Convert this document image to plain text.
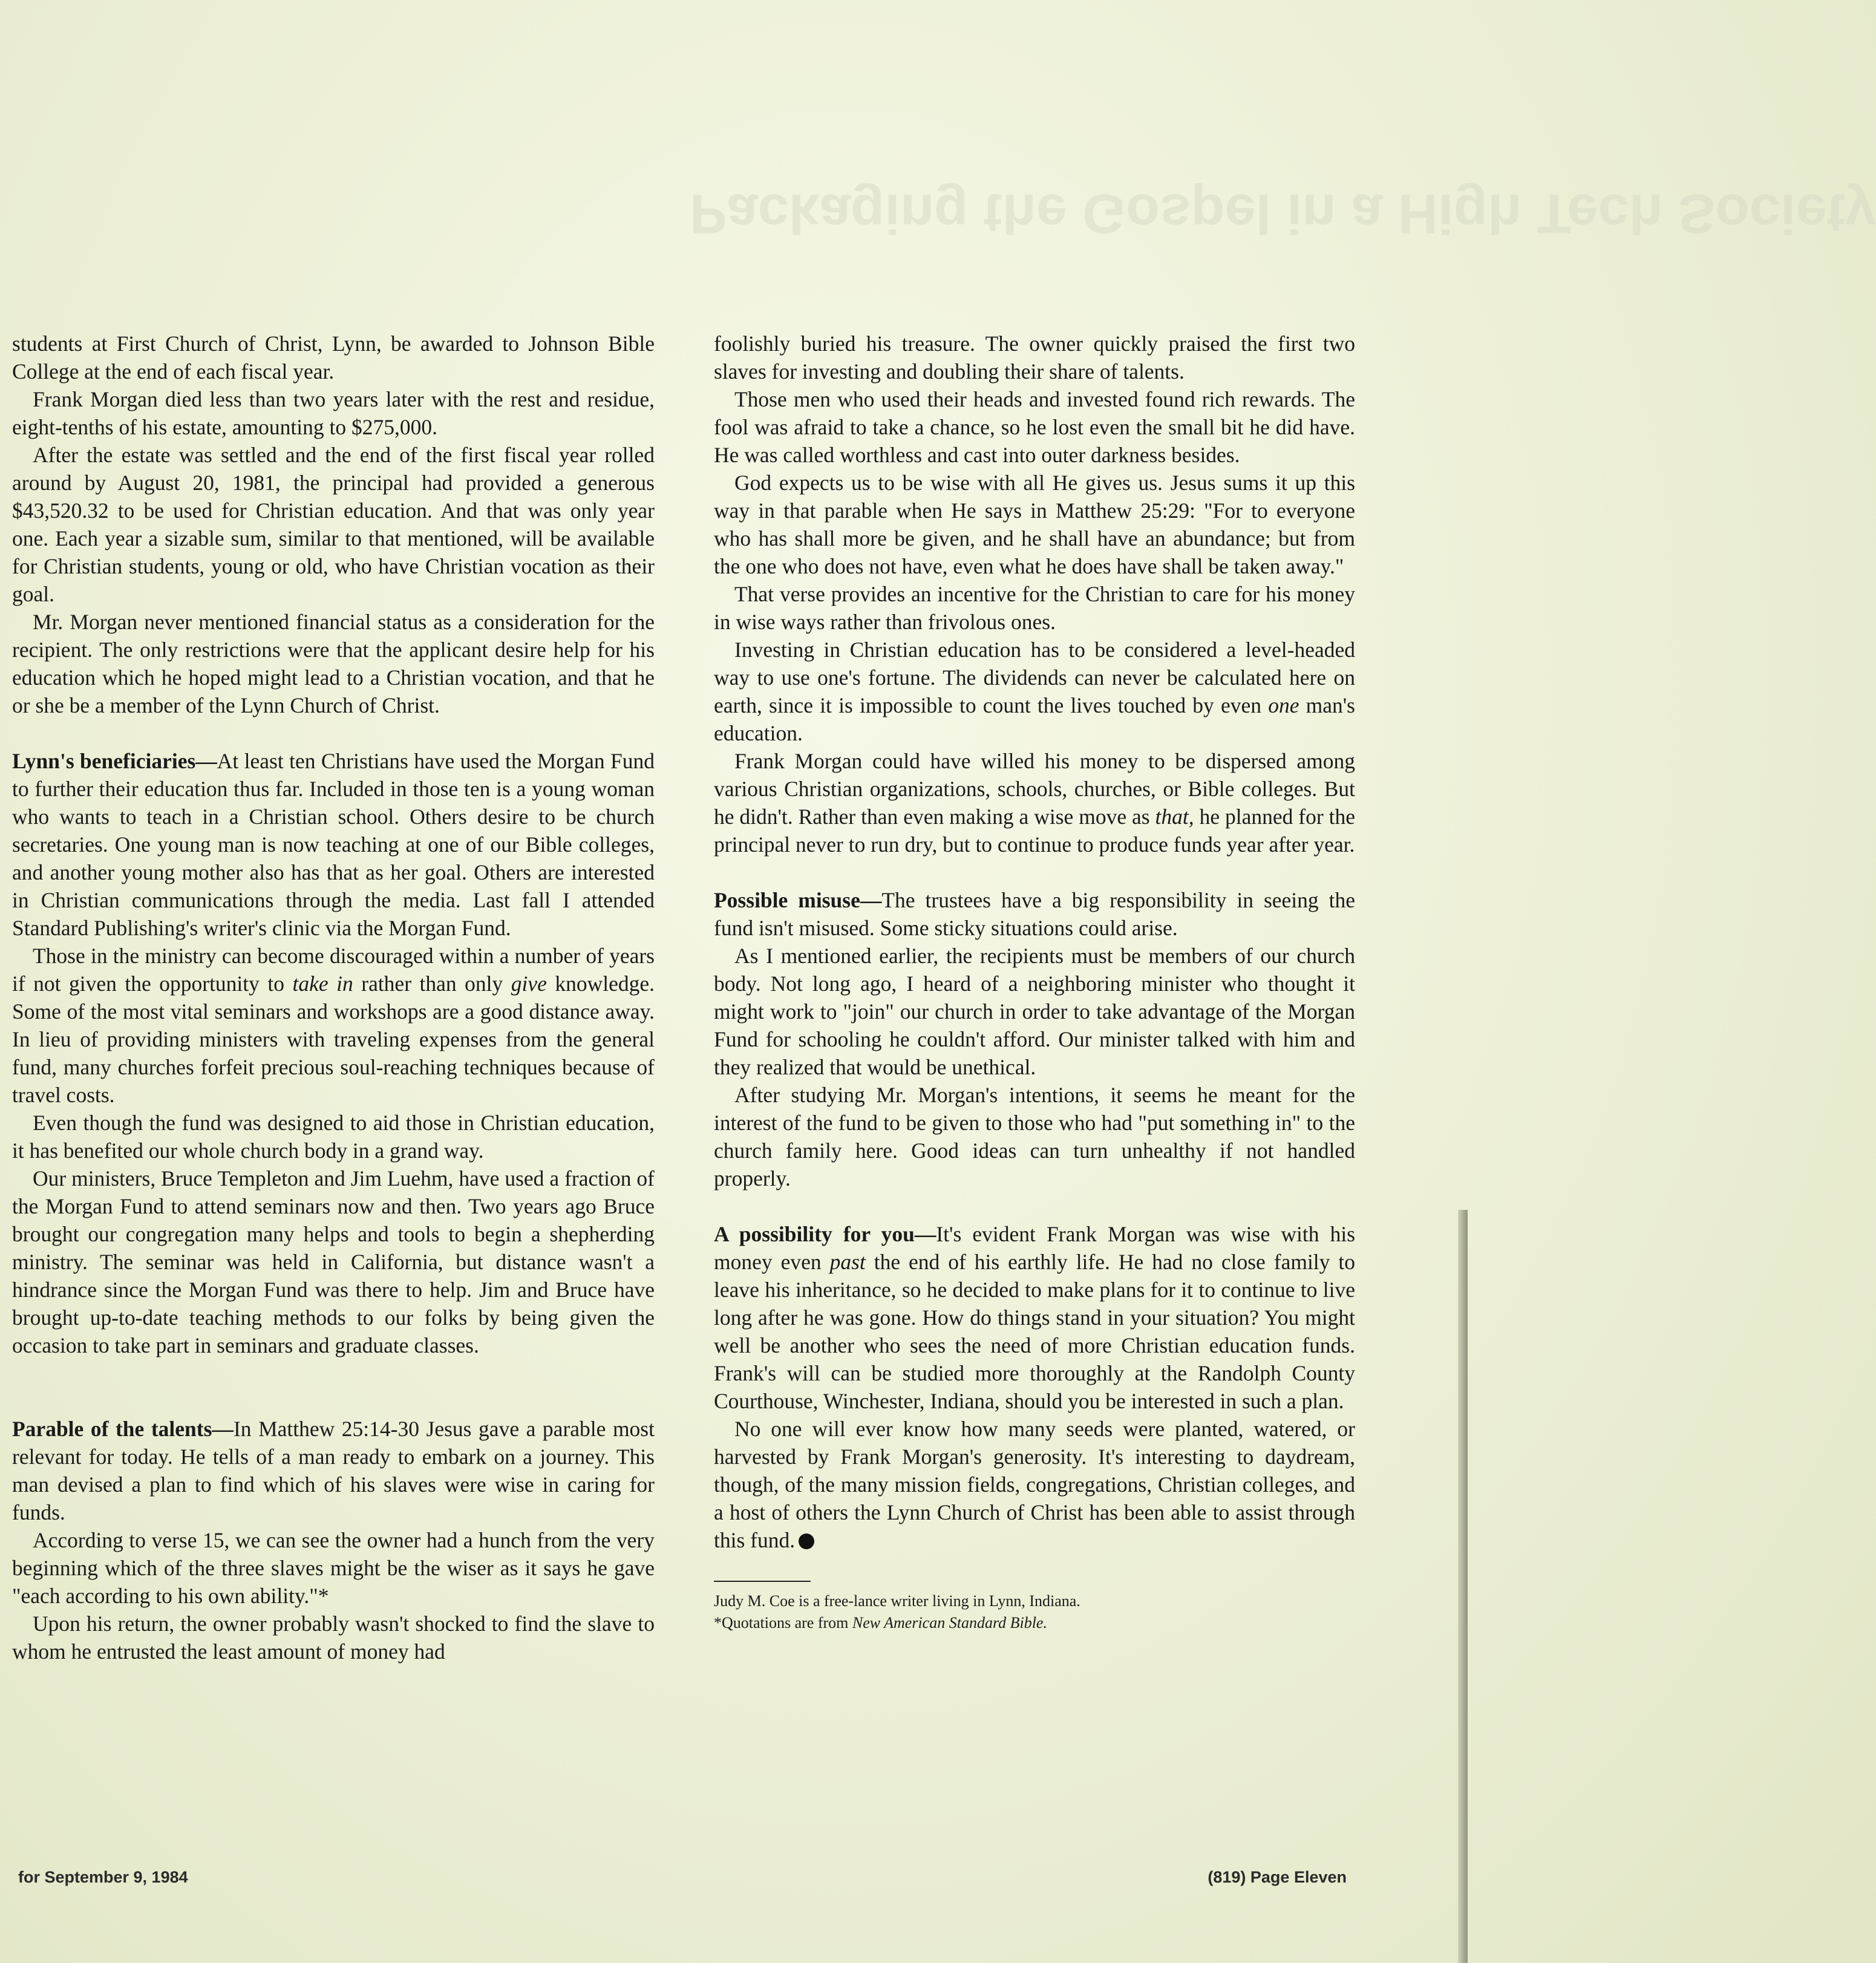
Packaging the Gospel in a High Tech Society

students at First Church of Christ, Lynn, be awarded to Johnson Bible College at the end of each fiscal year.

Frank Morgan died less than two years later with the rest and residue, eight-tenths of his estate, amounting to $275,000.

After the estate was settled and the end of the first fiscal year rolled around by August 20, 1981, the principal had provided a generous $43,520.32 to be used for Christian education. And that was only year one. Each year a sizable sum, similar to that mentioned, will be available for Christian students, young or old, who have Christian vocation as their goal.

Mr. Morgan never mentioned financial status as a consideration for the recipient. The only restrictions were that the applicant desire help for his education which he hoped might lead to a Christian vocation, and that he or she be a member of the Lynn Church of Christ.

Lynn's beneficiaries—At least ten Christians have used the Morgan Fund to further their education thus far. Included in those ten is a young woman who wants to teach in a Christian school. Others desire to be church secretaries. One young man is now teaching at one of our Bible colleges, and another young mother also has that as her goal. Others are interested in Christian communications through the media. Last fall I attended Standard Publishing's writer's clinic via the Morgan Fund.

Those in the ministry can become discouraged within a number of years if not given the opportunity to take in rather than only give knowledge. Some of the most vital seminars and workshops are a good distance away. In lieu of providing ministers with traveling expenses from the general fund, many churches forfeit precious soul-reaching techniques because of travel costs.

Even though the fund was designed to aid those in Christian education, it has benefited our whole church body in a grand way.

Our ministers, Bruce Templeton and Jim Luehm, have used a fraction of the Morgan Fund to attend seminars now and then. Two years ago Bruce brought our congregation many helps and tools to begin a shepherding ministry. The seminar was held in California, but distance wasn't a hindrance since the Morgan Fund was there to help. Jim and Bruce have brought up-to-date teaching methods to our folks by being given the occasion to take part in seminars and graduate classes.

Parable of the talents—In Matthew 25:14-30 Jesus gave a parable most relevant for today. He tells of a man ready to embark on a journey. This man devised a plan to find which of his slaves were wise in caring for funds.

According to verse 15, we can see the owner had a hunch from the very beginning which of the three slaves might be the wiser as it says he gave "each according to his own ability."*

Upon his return, the owner probably wasn't shocked to find the slave to whom he entrusted the least amount of money had

foolishly buried his treasure. The owner quickly praised the first two slaves for investing and doubling their share of talents.

Those men who used their heads and invested found rich rewards. The fool was afraid to take a chance, so he lost even the small bit he did have. He was called worthless and cast into outer darkness besides.

God expects us to be wise with all He gives us. Jesus sums it up this way in that parable when He says in Matthew 25:29: "For to everyone who has shall more be given, and he shall have an abundance; but from the one who does not have, even what he does have shall be taken away."

That verse provides an incentive for the Christian to care for his money in wise ways rather than frivolous ones.

Investing in Christian education has to be considered a level-headed way to use one's fortune. The dividends can never be calculated here on earth, since it is impossible to count the lives touched by even one man's education.

Frank Morgan could have willed his money to be dispersed among various Christian organizations, schools, churches, or Bible colleges. But he didn't. Rather than even making a wise move as that, he planned for the principal never to run dry, but to continue to produce funds year after year.

Possible misuse—The trustees have a big responsibility in seeing the fund isn't misused. Some sticky situations could arise.

As I mentioned earlier, the recipients must be members of our church body. Not long ago, I heard of a neighboring minister who thought it might work to "join" our church in order to take advantage of the Morgan Fund for schooling he couldn't afford. Our minister talked with him and they realized that would be unethical.

After studying Mr. Morgan's intentions, it seems he meant for the interest of the fund to be given to those who had "put something in" to the church family here. Good ideas can turn unhealthy if not handled properly.

A possibility for you—It's evident Frank Morgan was wise with his money even past the end of his earthly life. He had no close family to leave his inheritance, so he decided to make plans for it to continue to live long after he was gone. How do things stand in your situation? You might well be another who sees the need of more Christian education funds. Frank's will can be studied more thoroughly at the Randolph County Courthouse, Winchester, Indiana, should you be interested in such a plan.

No one will ever know how many seeds were planted, watered, or harvested by Frank Morgan's generosity. It's interesting to daydream, though, of the many mission fields, congregations, Christian colleges, and a host of others the Lynn Church of Christ has been able to assist through this fund.

Judy M. Coe is a free-lance writer living in Lynn, Indiana.

*Quotations are from New American Standard Bible.

for September 9, 1984	(819) Page Eleven
